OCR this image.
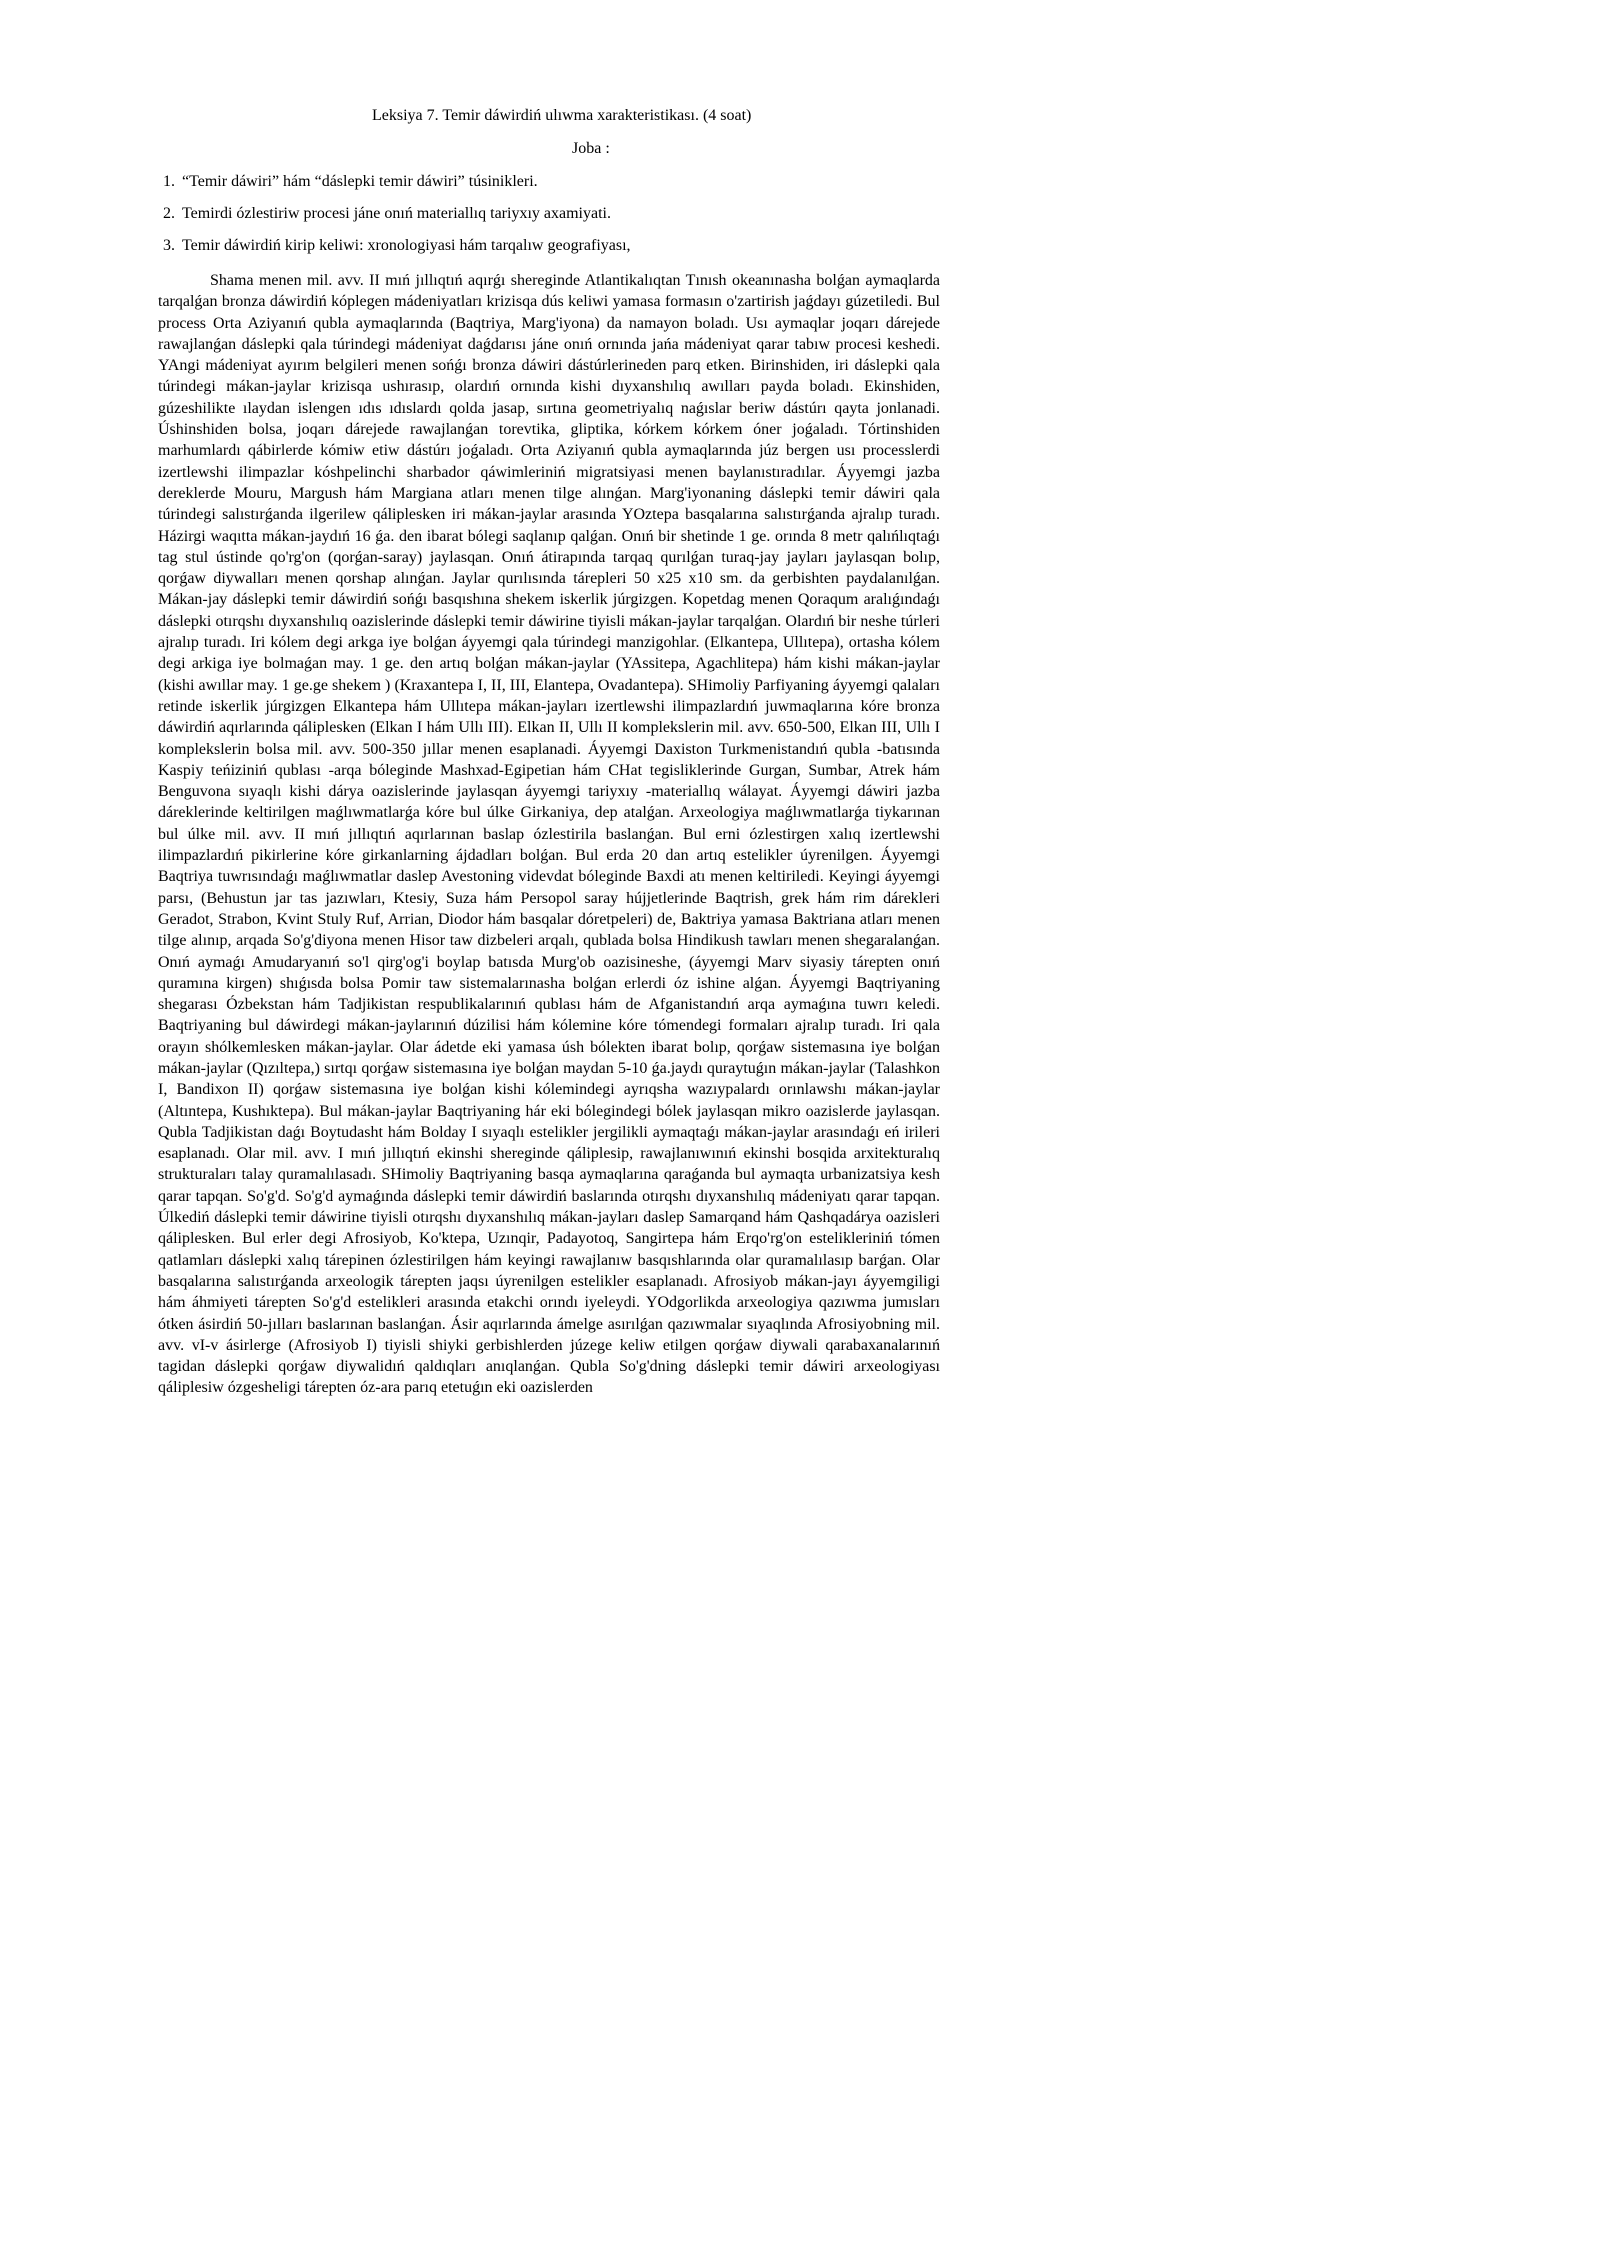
Leksiya 7. Temir dáwirdiń ulıwma xarakteristikası. (4 soat)
Joba :
1. “Temir dáwiri” hám “dáslepki temir dáwiri” túsinikleri.
2. Temirdi ózlestiriw procesi jáne onıń materiallıq tariyxıy axamiyati.
3. Temir dáwirdiń kirip keliwi: xronologiyasi hám tarqalıw geografiyası,

Shama menen mil. avv. II mıń jıllıqtıń aqırǵı shereginde Atlantikalıqtan Tınısh okeanınasha bolǵan aymaqlarda tarqalǵan bronza dáwirdiń kóplegen mádeniyatları krizisqa dús keliwi yamasa formasın o'zartirish jaǵdayı gúzetiledi. Bul process Orta Aziyanıń qubla aymaqlarında (Baqtriya, Marg'iyona) da namayon boladı. Usı aymaqlar joqarı dárejede rawajlanǵan dáslepki qala túrindegi mádeniyat daǵdarısı jáne onıń ornında jańa mádeniyat qarar tabıw procesi keshedi. YAngi mádeniyat ayırım belgileri menen sońǵı bronza dáwiri dástúrlerineden parq etken. Birinshiden, iri dáslepki qala túrindegi mákan-jaylar krizisqa ushırasıp, olardıń ornında kishi dıyxanshılıq awılları payda boladı. Ekinshiden, gúzeshilikte ılaydan islengen ıdıs ıdıslardı qolda jasap, sırtına geometriyalıq naǵıslar beriw dástúrı qayta jonlanadi. Úshinshiden bolsa, joqarı dárejede rawajlanǵan torevtika, gliptika, kórkem kórkem óner joǵaladı. Tórtinshiden marhumlardı qábirlerde kómiw etiw dástúrı joǵaladı. Orta Aziyanıń qubla aymaqlarında júz bergen usı processlerdi izertlewshi ilimpazlar kóshpelinchi sharbador qáwimleriniń migratsiyasi menen baylanıstıradılar. Áyyemgi jazba dereklerde Mouru, Margush hám Margiana atları menen tilge alınǵan. Marg'iyonaning dáslepki temir dáwiri qala túrindegi salıstırǵanda ilgerilew qáliplesken iri mákan-jaylar arasında YOztepa basqalarına salıstırǵanda ajralıp turadı. Házirgi waqıtta mákan-jaydıń 16 ǵa. den ibarat bólegi saqlanıp qalǵan. Onıń bir shetinde 1 ge. orında 8 metr qalıńlıqtaǵı tag stul ústinde qo'rg'on (qorǵan-saray) jaylasqan. Onıń átirapında tarqaq qurılǵan turaq-jay jayları jaylasqan bolıp, qorǵaw diywalları menen qorshap alınǵan. Jaylar qurılısında tárepleri 50 x25 x10 sm. da gerbishten paydalanılǵan. Mákan-jay dáslepki temir dáwirdiń sońǵı basqıshına shekem iskerlik júrgizgen. Kopetdag menen Qoraqum aralıǵındaǵı dáslepki otırqshı dıyxanshılıq oazislerinde dáslepki temir dáwirine tiyisli mákan-jaylar tarqalǵan. Olardıń bir neshe túrleri ajralıp turadı. Iri kólem degi arkga iye bolǵan áyyemgi qala túrindegi manzigohlar. (Elkantepa, Ullıtepa), ortasha kólem degi arkiga iye bolmaǵan may. 1 ge. den artıq bolǵan mákan-jaylar (YAssitepa, Agachlitepa) hám kishi mákan-jaylar (kishi awıllar may. 1 ge.ge shekem ) (Kraxantepa I, II, III, Elantepa, Ovadantepa). SHimoliy Parfiyaning áyyemgi qalaları retinde iskerlik júrgizgen Elkantepa hám Ullıtepa mákan-jayları izertlewshi ilimpazlardıń juwmaqlarına kóre bronza dáwirdiń aqırlarında qáliplesken (Elkan I hám Ullı III). Elkan II, Ullı II komplekslerin mil. avv. 650-500, Elkan III, Ullı I komplekslerin bolsa mil. avv. 500-350 jıllar menen esaplanadi. Áyyemgi Daxiston Turkmenistandıń qubla -batısında Kaspiy teńiziniń qublası -arqa bóleginde Mashxad-Egipetian hám CHat tegisliklerinde Gurgan, Sumbar, Atrek hám Benguvona sıyaqlı kishi dárya oazislerinde jaylasqan áyyemgi tariyxıy -materiallıq wálayat. Áyyemgi dáwiri jazba dáreklerinde keltirilgen maǵlıwmatlarǵa kóre bul úlke Girkaniya, dep atalǵan. Arxeologiya maǵlıwmatlarǵa tiykarınan bul úlke mil. avv. II mıń jıllıqtıń aqırlarınan baslap ózlestirila baslanǵan. Bul erni ózlestirgen xalıq izertlewshi ilimpazlardıń pikirlerine kóre girkanlarning ájdadları bolǵan. Bul erda 20 dan artıq estelikler úyrenilgen. Áyyemgi Baqtriya tuwrısındaǵı maǵlıwmatlar daslep Avestoning videvdat bóleginde Baxdi atı menen keltiriledi. Keyingi áyyemgi parsı, (Behustun jar tas jazıwları, Ktesiy, Suza hám Persopol saray hújjetlerinde Baqtrish, grek hám rim dárekleri Geradot, Strabon, Kvint Stuly Ruf, Arrian, Diodor hám basqalar dóretpeleri) de, Baktriya yamasa Baktriana atları menen tilge alınıp, arqada So'g'diyona menen Hisor taw dizbeleri arqalı, qublada bolsa Hindikush tawları menen shegaralanǵan. Onıń aymaǵı Amudaryanıń so'l qirg'og'i boylap batısda Murg'ob oazisineshe, (áyyemgi Marv siyasiy tárepten onıń quramına kirgen) shıǵısda bolsa Pomir taw sistemalarınasha bolǵan erlerdi óz ishine alǵan. Áyyemgi Baqtriyaning shegarası Ózbekstan hám Tadjikistan respublikalarınıń qublası hám de Afganistandıń arqa aymaǵına tuwrı keledi. Baqtriyaning bul dáwirdegi mákan-jaylarınıń dúzilisi hám kólemine kóre tómendegi formaları ajralıp turadı. Iri qala orayın shólkemlesken mákan-jaylar. Olar ádetde eki yamasa úsh bólekten ibarat bolıp, qorǵaw sistemasına iye bolǵan mákan-jaylar (Qızıltepa,) sırtqı qorǵaw sistemasına iye bolǵan maydan 5-10 ǵa.jaydı quraytuǵın mákan-jaylar (Talashkon I, Bandixon II) qorǵaw sistemasına iye bolǵan kishi kólemindegi ayrıqsha wazıypalardı orınlawshı mákan-jaylar (Altıntepa, Kushıktepa). Bul mákan-jaylar Baqtriyaning hár eki bólegindegi bólek jaylasqan mikro oazislerde jaylasqan. Qubla Tadjikistan daǵı Boytudasht hám Bolday I sıyaqlı estelikler jergilikli aymaqtaǵı mákan-jaylar arasındaǵı eń irileri esaplanadı. Olar mil. avv. I mıń jıllıqtıń ekinshi shereginde qáliplesip, rawajlanıwınıń ekinshi bosqida arxitekturalıq strukturaları talay quramalılasadı. SHimoliy Baqtriyaning basqa aymaqlarına qaraǵanda bul aymaqta urbanizatsiya kesh qarar tapqan. So'g'd. So'g'd aymaǵında dáslepki temir dáwirdiń baslarında otırqshı dıyxanshılıq mádeniyatı qarar tapqan. Úlkediń dáslepki temir dáwirine tiyisli otırqshı dıyxanshılıq mákan-jayları daslep Samarqand hám Qashqadárya oazisleri qáliplesken. Bul erler degi Afrosiyob, Ko'ktepa, Uzınqir, Padayotoq, Sangirtepa hám Erqo'rg'on estelikleriniń tómen qatlamları dáslepki xalıq tárepinen ózlestirilgen hám keyingi rawajlanıw basqıshlarında olar quramalılasıp barǵan. Olar basqalarına salıstırǵanda arxeologik tárepten jaqsı úyrenilgen estelikler esaplanadı. Afrosiyob mákan-jayı áyyemgiligi hám áhmiyeti tárepten So'g'd estelikleri arasında etakchi orındı iyeleydi. YOdgorlikda arxeologiya qazıwma jumısları ótken ásirdiń 50-jılları baslarınan baslanǵan. Ásir aqırlarında ámelge asırılǵan qazıwmalar sıyaqlında Afrosiyobning mil. avv. vI-v ásirlerge (Afrosiyob I) tiyisli shiyki gerbishlerden júzege keliw etilgen qorǵaw diywali qarabaxanalarınıń tagidan dáslepki qorǵaw diywalidıń qaldıqları anıqlanǵan. Qubla So'g'dning dáslepki temir dáwiri arxeologiyası qáliplesiw ózgesheligi tárepten óz-ara parıq etetuǵın eki oazislerden
